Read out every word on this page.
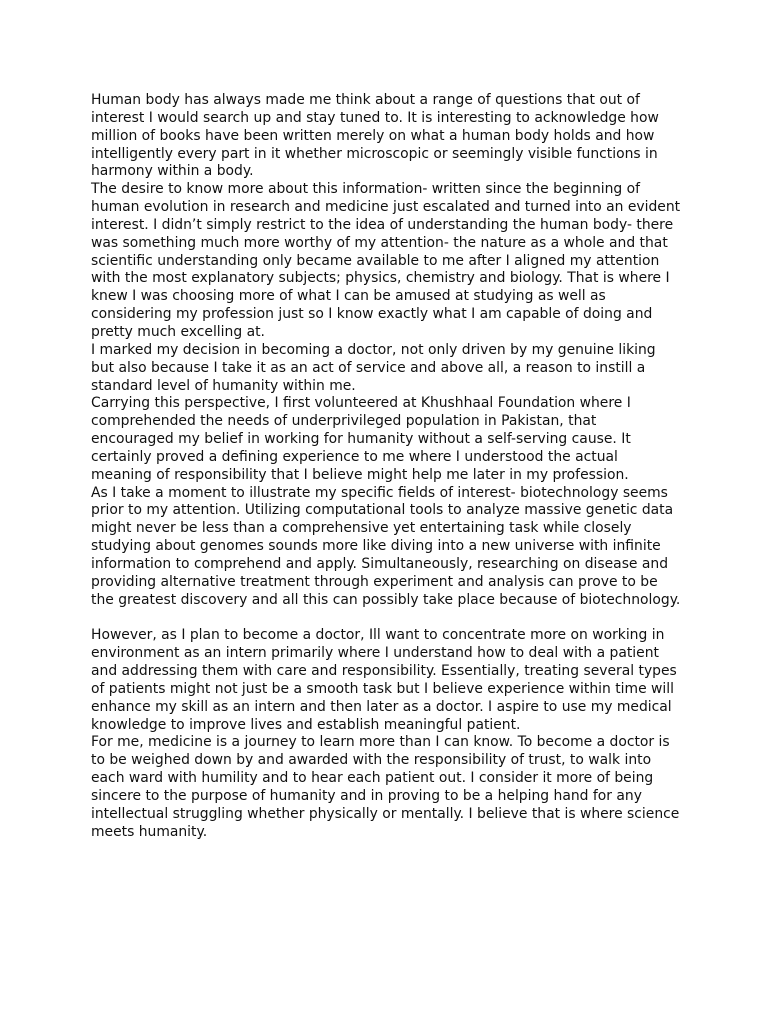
Human body has always made me think about a range of questions that out of
interest I would search up and stay tuned to. It is interesting to acknowledge how
million of books have been written merely on what a human body holds and how
intelligently every part in it whether microscopic or seemingly visible functions in
harmony within a body.

The desire to know more about this information- written since the beginning of
human evolution in research and medicine just escalated and turned into an evident
interest. I didn’t simply restrict to the idea of understanding the human body- there
was something much more worthy of my attention- the nature as a whole and that
scientific understanding only became available to me after I aligned my attention
with the most explanatory subjects; physics, chemistry and biology. That is where I
knew I was choosing more of what I can be amused at studying as well as
considering my profession just so I know exactly what I am capable of doing and
pretty much excelling at.

I marked my decision in becoming a doctor, not only driven by my genuine liking
but also because I take it as an act of service and above all, a reason to instill a
standard level of humanity within me.

Carrying this perspective, I first volunteered at Khushhaal Foundation where I
comprehended the needs of underprivileged population in Pakistan, that
encouraged my belief in working for humanity without a self-serving cause. It
certainly proved a defining experience to me where I understood the actual
meaning of responsibility that I believe might help me later in my profession.

As I take a moment to illustrate my specific fields of interest- biotechnology seems
prior to my attention. Utilizing computational tools to analyze massive genetic data
might never be less than a comprehensive yet entertaining task while closely
studying about genomes sounds more like diving into a new universe with infinite
information to comprehend and apply. Simultaneously, researching on disease and
providing alternative treatment through experiment and analysis can prove to be
the greatest discovery and all this can possibly take place because of biotechnology.

However, as I plan to become a doctor, Ill want to concentrate more on working in
environment as an intern primarily where I understand how to deal with a patient
and addressing them with care and responsibility. Essentially, treating several types
of patients might not just be a smooth task but I believe experience within time will
enhance my skill as an intern and then later as a doctor. I aspire to use my medical
knowledge to improve lives and establish meaningful patient.

For me, medicine is a journey to learn more than I can know. To become a doctor is
to be weighed down by and awarded with the responsibility of trust, to walk into
each ward with humility and to hear each patient out. I consider it more of being
sincere to the purpose of humanity and in proving to be a helping hand for any
intellectual struggling whether physically or mentally. I believe that is where science
meets humanity.
